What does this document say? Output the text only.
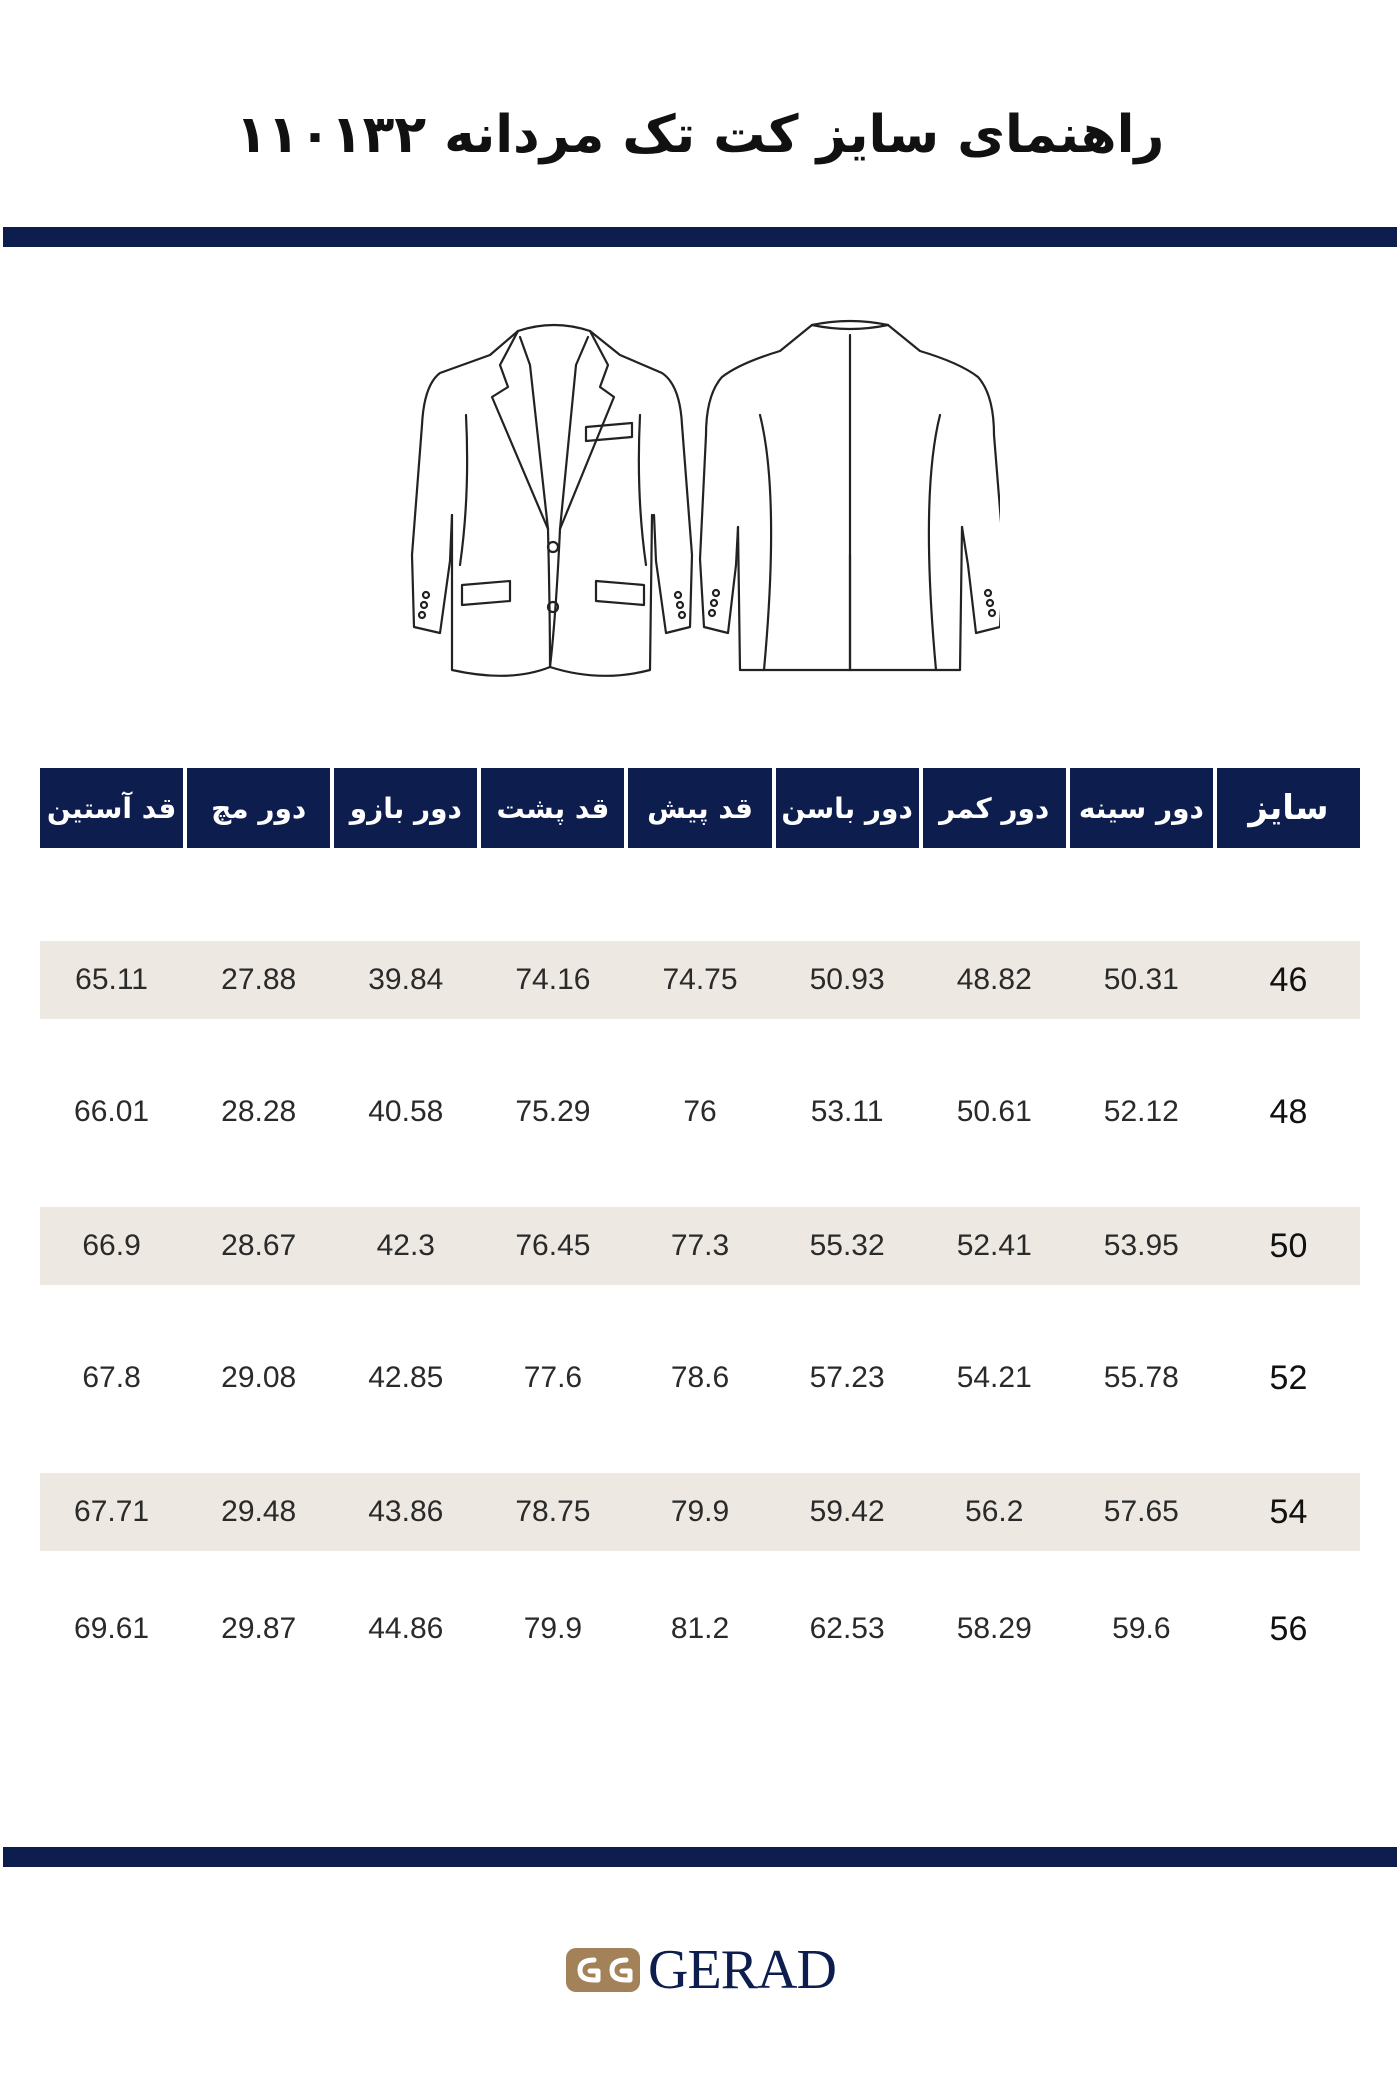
راهنمای سایز کت تک مردانه ۱۱۰۱۳۲
سایز
دور سینه
دور کمر
دور باسن
قد پیش
قد پشت
دور بازو
دور مچ
قد آستین
46
50.31
48.82
50.93
74.75
74.16
39.84
27.88
65.11
48
52.12
50.61
53.11
76
75.29
40.58
28.28
66.01
50
53.95
52.41
55.32
77.3
76.45
42.3
28.67
66.9
52
55.78
54.21
57.23
78.6
77.6
42.85
29.08
67.8
54
57.65
56.2
59.42
79.9
78.75
43.86
29.48
67.71
56
59.6
58.29
62.53
81.2
79.9
44.86
29.87
69.61
GERAD
